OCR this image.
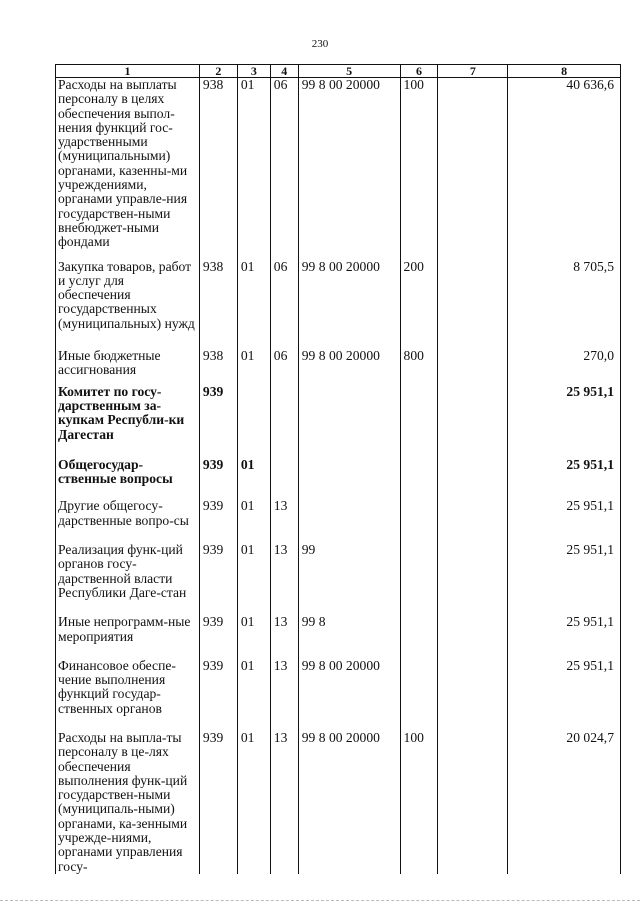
230
1	2	3	4	5	6	7	8
Расходы на выплаты персоналу в целях обеспечения выпол-нения функций гос-ударственными (муниципальными) органами, казенны-ми учреждениями, органами управле-ния государствен-ными внебюджет-ными фондами	938	01	06	99 8 00 20000	100		40 636,6

Закупка товаров, работ и услуг для обеспечения государственных (муниципальных) нужд	938	01	06	99 8 00 20000	200		8 705,5

Иные бюджетные ассигнования	938	01	06	99 8 00 20000	800		270,0

Комитет по госу-дарственным за-купкам Республи-ки Дагестан	939						25 951,1

Общегосудар-ственные вопросы	939	01					25 951,1

Другие общегосу-дарственные вопро-сы	939	01	13				25 951,1

Реализация функ-ций органов госу-дарственной власти Республики Даге-стан	939	01	13	99			25 951,1

Иные непрограмм-ные мероприятия	939	01	13	99 8			25 951,1

Финансовое обеспе-чение выполнения функций государ-ственных органов	939	01	13	99 8 00 20000			25 951,1

Расходы на выпла-ты персоналу в це-лях обеспечения выполнения функ-ций государствен-ными (муниципаль-ными) органами, ка-зенными учрежде-ниями, органами управления госу-	939	01	13	99 8 00 20000	100		20 024,7
